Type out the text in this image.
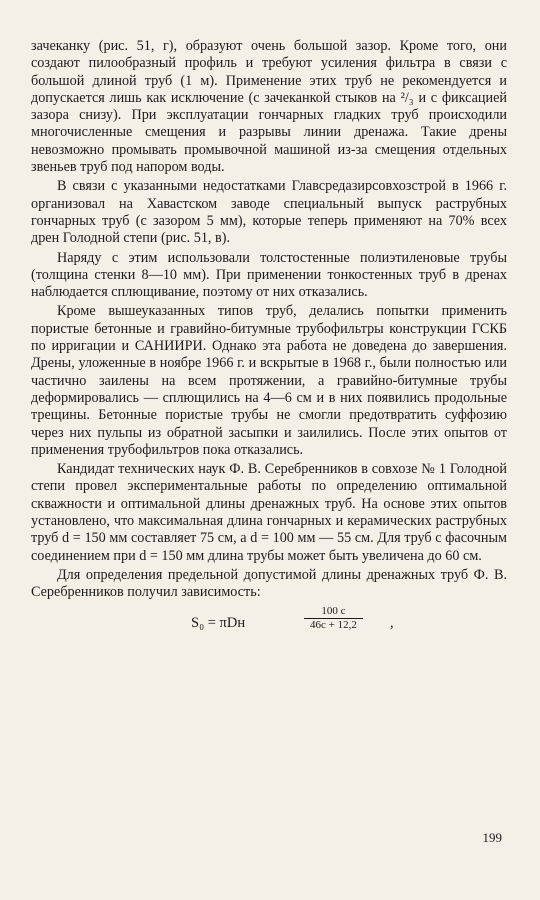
зачеканку (рис. 51, г), образуют очень большой зазор. Кроме того, они создают пилообразный профиль и требуют усиления фильтра в связи с большой длиной труб (1 м). Применение этих труб не рекомендуется и допускается лишь как исключение (с зачеканкой стыков на ²/₃ и с фиксацией зазора снизу). При эксплуатации гончарных гладких труб происходили многочисленные смещения и разрывы линии дренажа. Такие дрены невозможно промывать промывочной машиной из-за смещения отдельных звеньев труб под напором воды.

В связи с указанными недостатками Главсредазирсовхозстрой в 1966 г. организовал на Хавастском заводе специальный выпуск раструбных гончарных труб (с зазором 5 мм), которые теперь применяют на 70% всех дрен Голодной степи (рис. 51, в).

Наряду с этим использовали толстостенные полиэтиленовые трубы (толщина стенки 8—10 мм). При применении тонкостенных труб в дренах наблюдается сплющивание, поэтому от них отказались.

Кроме вышеуказанных типов труб, делались попытки применить пористые бетонные и гравийно-битумные трубофильтры конструкции ГСКБ по ирригации и САНИИРИ. Однако эта работа не доведена до завершения. Дрены, уложенные в ноябре 1966 г. и вскрытые в 1968 г., были полностью или частично заилены на всем протяжении, а гравийно-битумные трубы деформировались — сплющились на 4—6 см и в них появились продольные трещины. Бетонные пористые трубы не смогли предотвратить суффозию через них пульпы из обратной засыпки и заилились. После этих опытов от применения трубофильтров пока отказались.

Кандидат технических наук Ф. В. Серебренников в совхозе № 1 Голодной степи провел экспериментальные работы по определению оптимальной скважности и оптимальной длины дренажных труб. На основе этих опытов установлено, что максимальная длина гончарных и керамических раструбных труб d = 150 мм составляет 75 см, а d = 100 мм — 55 см. Для труб с фасочным соединением при d = 150 мм длина трубы может быть увеличена до 60 см.

Для определения предельной допустимой длины дренажных труб Ф. В. Серебренников получил зависимость:

S₀ = πDн	$\frac{100 c}{46c + 12,2}$ ,
199
